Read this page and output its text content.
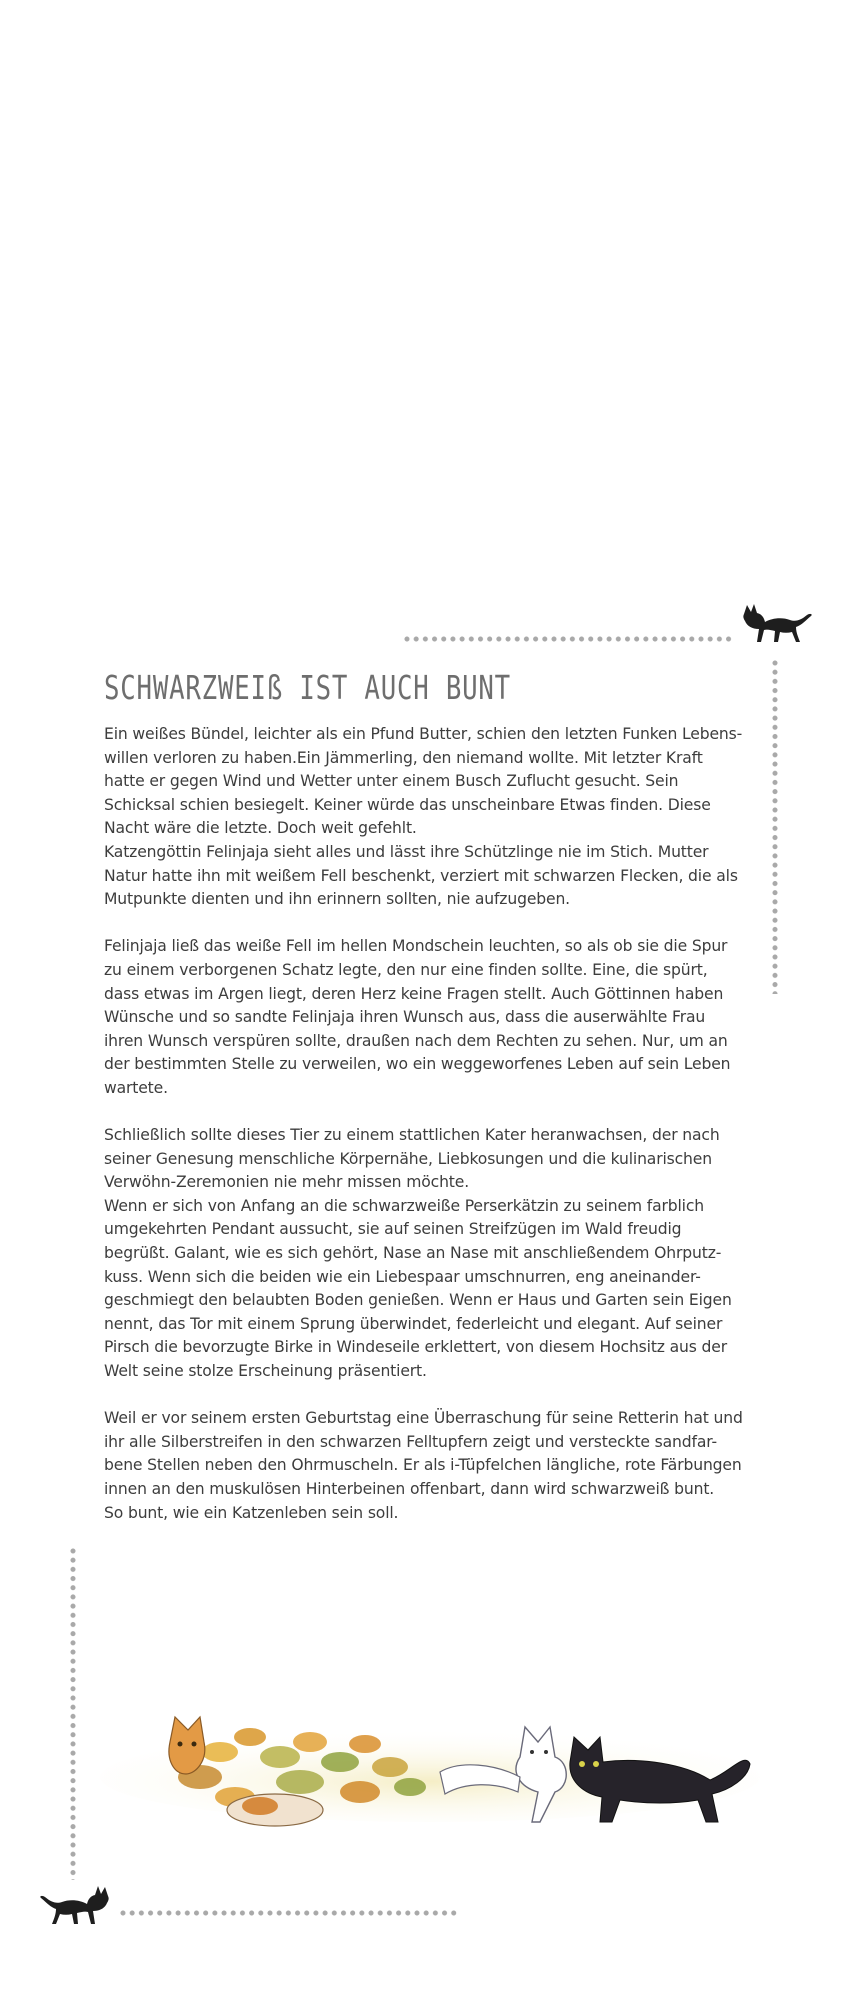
SCHWARZWEIß IST AUCH BUNT

Ein weißes Bündel, leichter als ein Pfund Butter, schien den letzten Funken Lebens-
willen verloren zu haben.Ein Jämmerling, den niemand wollte. Mit letzter Kraft
hatte er gegen Wind und Wetter unter einem Busch Zuflucht gesucht. Sein
Schicksal schien besiegelt. Keiner würde das unscheinbare Etwas finden. Diese
Nacht wäre die letzte. Doch weit gefehlt.
Katzengöttin Felinjaja sieht alles und lässt ihre Schützlinge nie im Stich. Mutter
Natur hatte ihn mit weißem Fell beschenkt, verziert mit schwarzen Flecken, die als
Mutpunkte dienten und ihn erinnern sollten, nie aufzugeben.

Felinjaja ließ das weiße Fell im hellen Mondschein leuchten, so als ob sie die Spur
zu einem verborgenen Schatz legte, den nur eine finden sollte. Eine, die spürt,
dass etwas im Argen liegt, deren Herz keine Fragen stellt. Auch Göttinnen haben
Wünsche und so sandte Felinjaja ihren Wunsch aus, dass die auserwählte Frau
ihren Wunsch verspüren sollte, draußen nach dem Rechten zu sehen. Nur, um an
der bestimmten Stelle zu verweilen, wo ein weggeworfenes Leben auf sein Leben
wartete.

Schließlich sollte dieses Tier zu einem stattlichen Kater heranwachsen, der nach
seiner Genesung menschliche Körpernähe, Liebkosungen und die kulinarischen
Verwöhn-Zeremonien nie mehr missen möchte.
Wenn er sich von Anfang an die schwarzweiße Perserkätzin zu seinem farblich
umgekehrten Pendant aussucht, sie auf seinen Streifzügen im Wald freudig
begrüßt. Galant, wie es sich gehört, Nase an Nase mit anschließendem Ohrputz-
kuss. Wenn sich die beiden wie ein Liebespaar umschnurren, eng aneinander-
geschmiegt den belaubten Boden genießen. Wenn er Haus und Garten sein Eigen
nennt, das Tor mit einem Sprung überwindet, federleicht und elegant. Auf seiner
Pirsch die bevorzugte Birke in Windeseile erklettert, von diesem Hochsitz aus der
Welt seine stolze Erscheinung präsentiert.

Weil er vor seinem ersten Geburtstag eine Überraschung für seine Retterin hat und
ihr alle Silberstreifen in den schwarzen Felltupfern zeigt und versteckte sandfar-
bene Stellen neben den Ohrmuscheln. Er als i-Tüpfelchen längliche, rote Färbungen
innen an den muskulösen Hinterbeinen offenbart, dann wird schwarzweiß bunt.
So bunt, wie ein Katzenleben sein soll.
